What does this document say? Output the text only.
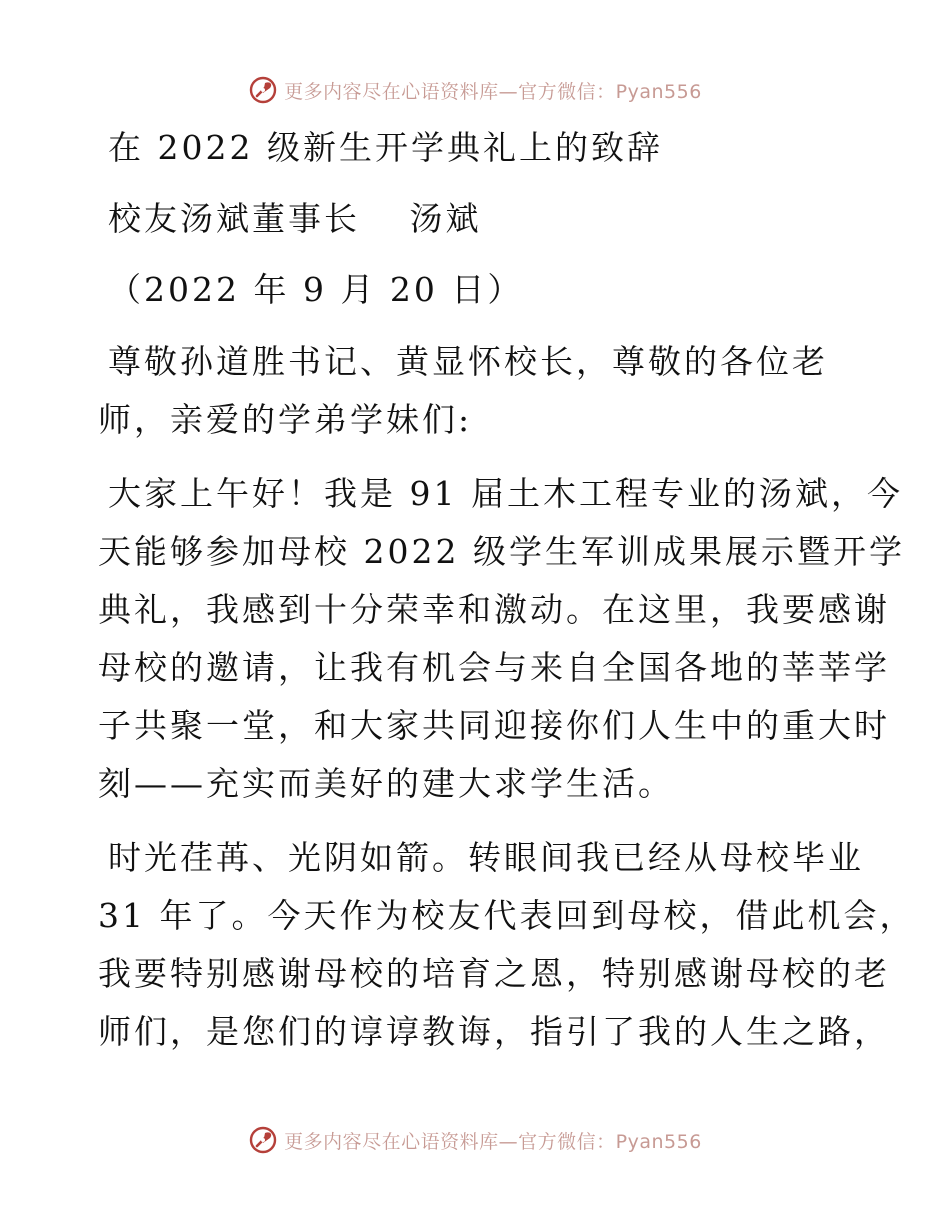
更多内容尽在心语资料库—官方微信：Pyan556
在 2022 级新生开学典礼上的致辞
校友汤斌董事长　 汤斌
（2022 年 9 月 20 日）
尊敬孙道胜书记、黄显怀校长，尊敬的各位老
师，亲爱的学弟学妹们:
大家上午好！我是 91 届土木工程专业的汤斌，今
天能够参加母校 2022 级学生军训成果展示暨开学
典礼，我感到十分荣幸和激动。在这里，我要感谢
母校的邀请，让我有机会与来自全国各地的莘莘学
子共聚一堂，和大家共同迎接你们人生中的重大时
刻——充实而美好的建大求学生活。
时光荏苒、光阴如箭。转眼间我已经从母校毕业
31 年了。今天作为校友代表回到母校，借此机会，
我要特别感谢母校的培育之恩，特别感谢母校的老
师们，是您们的谆谆教诲，指引了我的人生之路，
更多内容尽在心语资料库—官方微信：Pyan556
